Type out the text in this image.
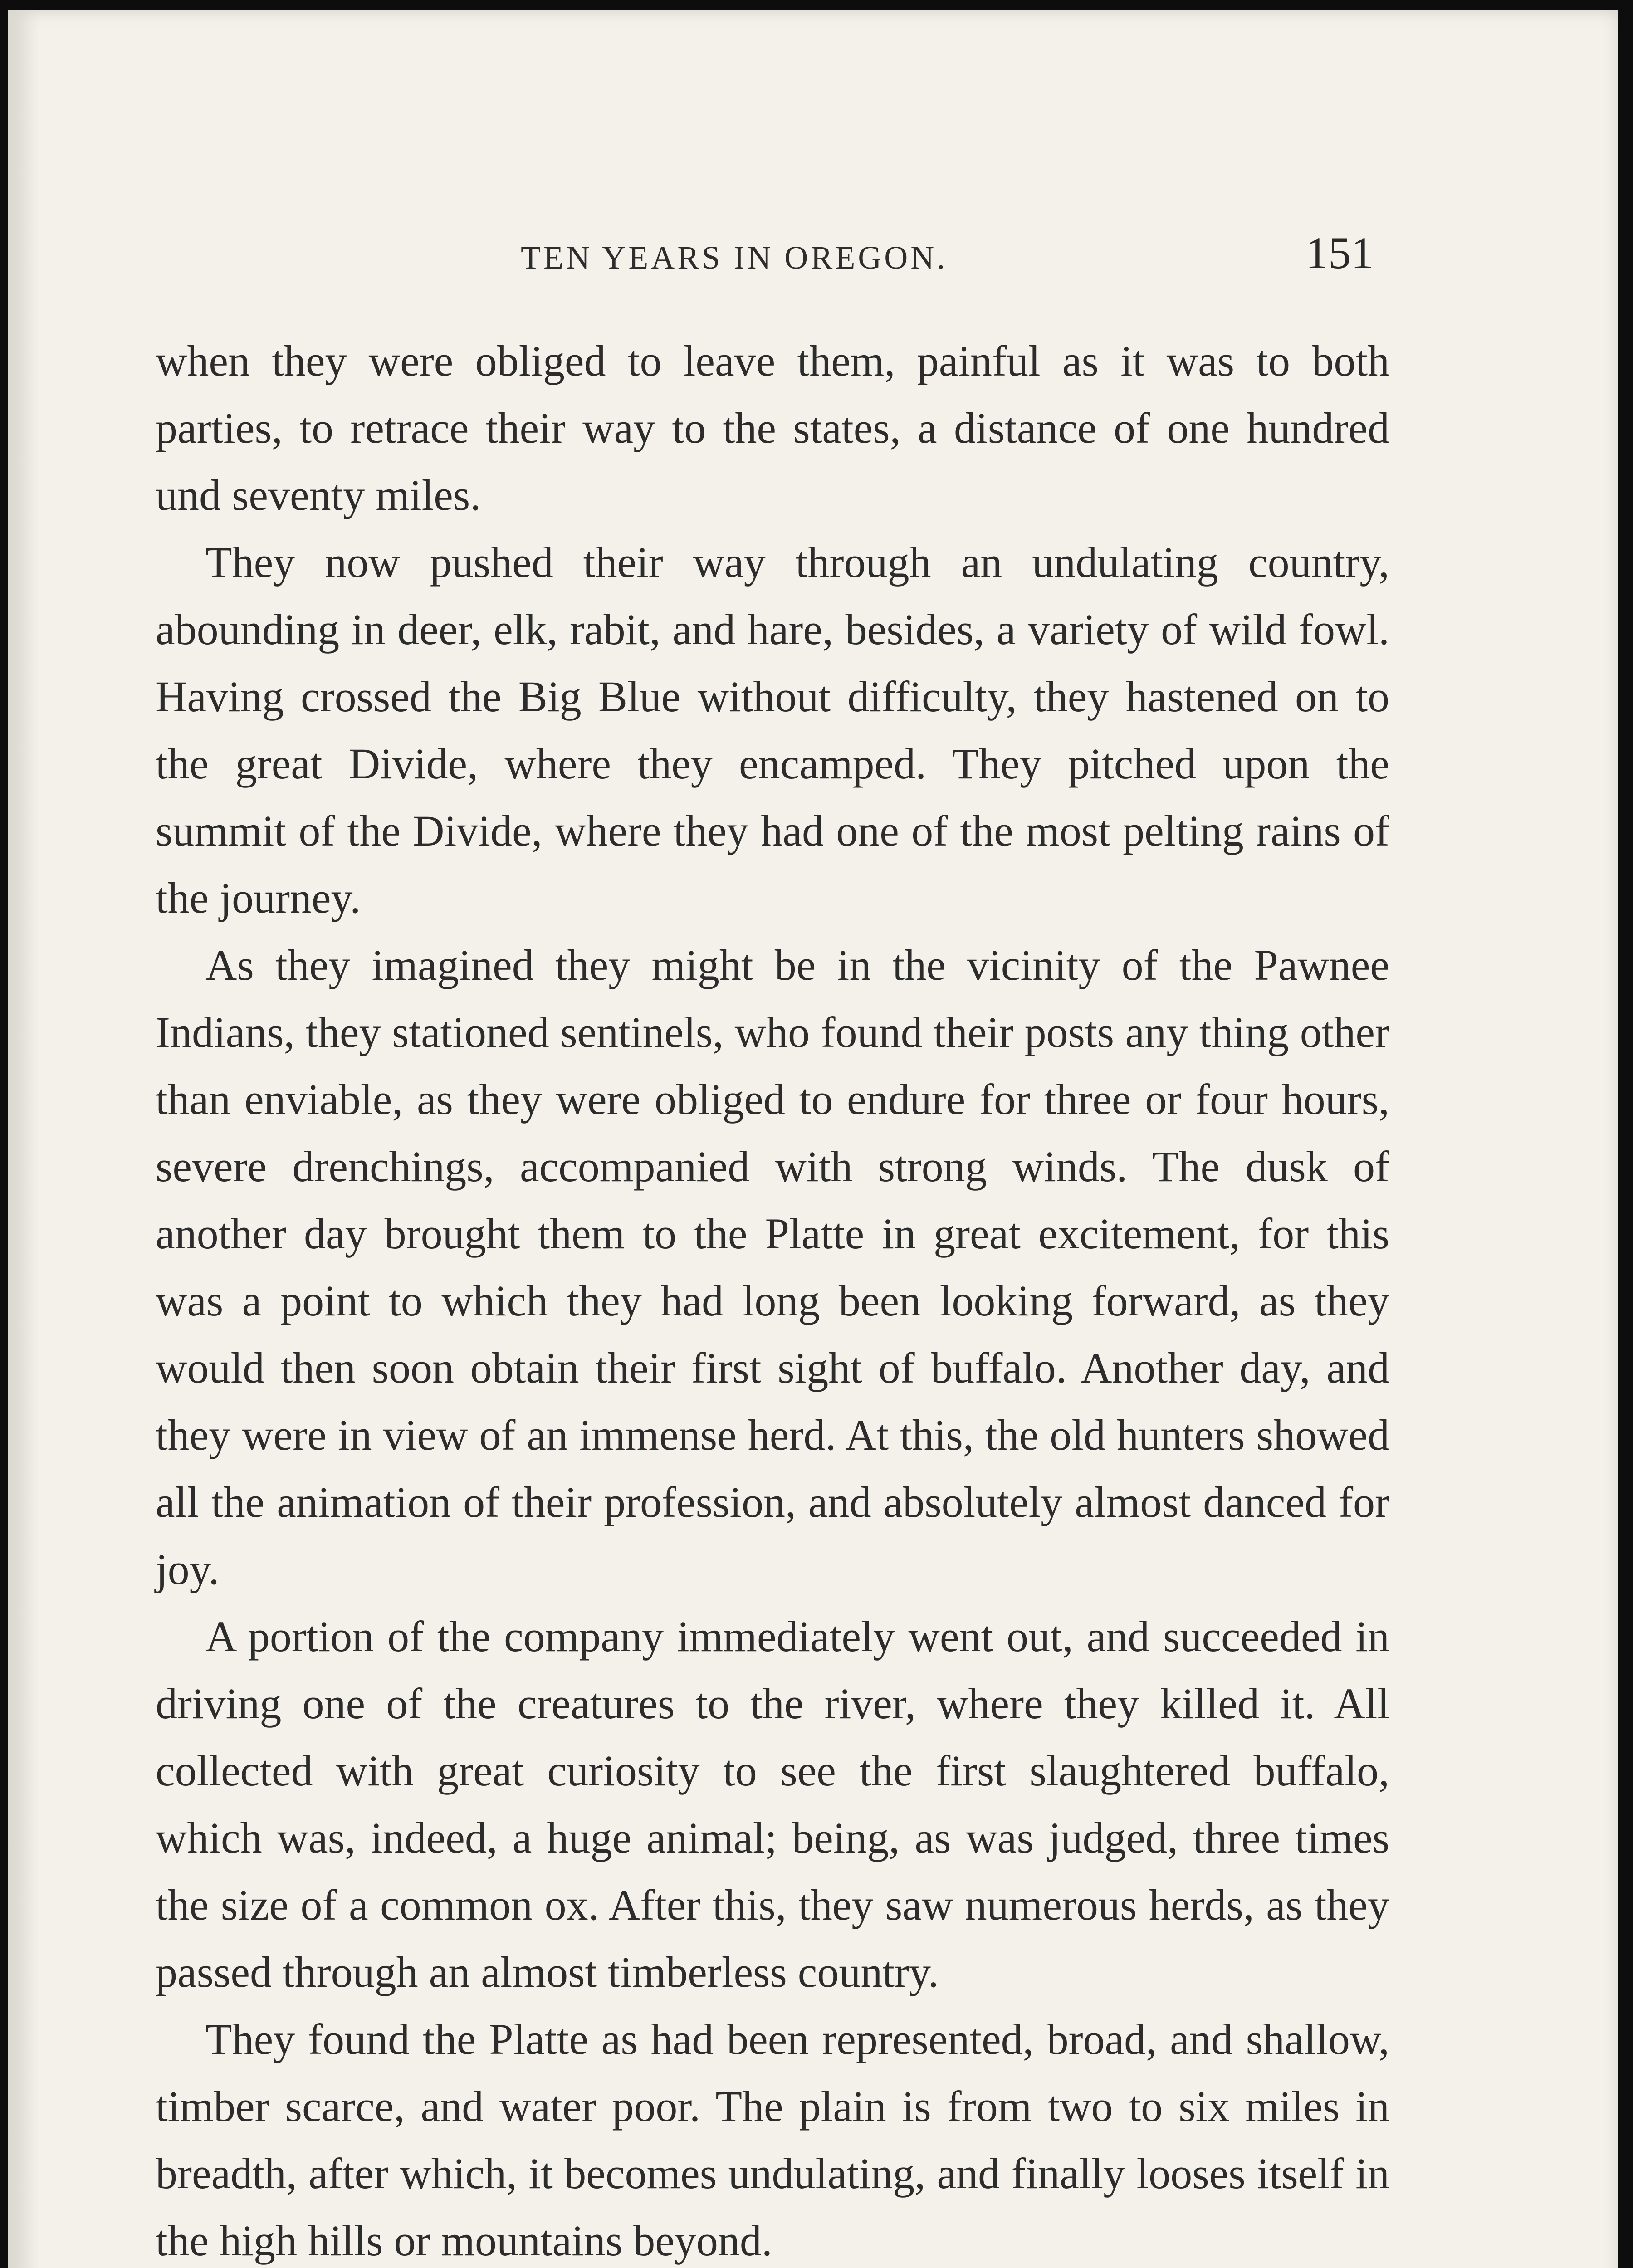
TEN YEARS IN OREGON.	151

when they were obliged to leave them, painful as it was to both parties, to retrace their way to the states, a distance of one hundred und seventy miles.

They now pushed their way through an undulating country, abounding in deer, elk, rabit, and hare, besides, a variety of wild fowl. Having crossed the Big Blue without difficulty, they hastened on to the great Divide, where they encamped. They pitched upon the summit of the Divide, where they had one of the most pelting rains of the journey.

As they imagined they might be in the vicinity of the Pawnee Indians, they stationed sentinels, who found their posts any thing other than enviable, as they were obliged to endure for three or four hours, severe drenchings, accompanied with strong winds. The dusk of another day brought them to the Platte in great excitement, for this was a point to which they had long been looking forward, as they would then soon obtain their first sight of buffalo. Another day, and they were in view of an immense herd. At this, the old hunters showed all the animation of their profession, and absolutely almost danced for joy.

A portion of the company immediately went out, and succeeded in driving one of the creatures to the river, where they killed it. All collected with great curiosity to see the first slaughtered buffalo, which was, indeed, a huge animal; being, as was judged, three times the size of a common ox. After this, they saw numerous herds, as they passed through an almost timberless country.

They found the Platte as had been represented, broad, and shallow, timber scarce, and water poor. The plain is from two to six miles in breadth, after which, it becomes undulating, and finally looses itself in the high hills or mountains beyond.
